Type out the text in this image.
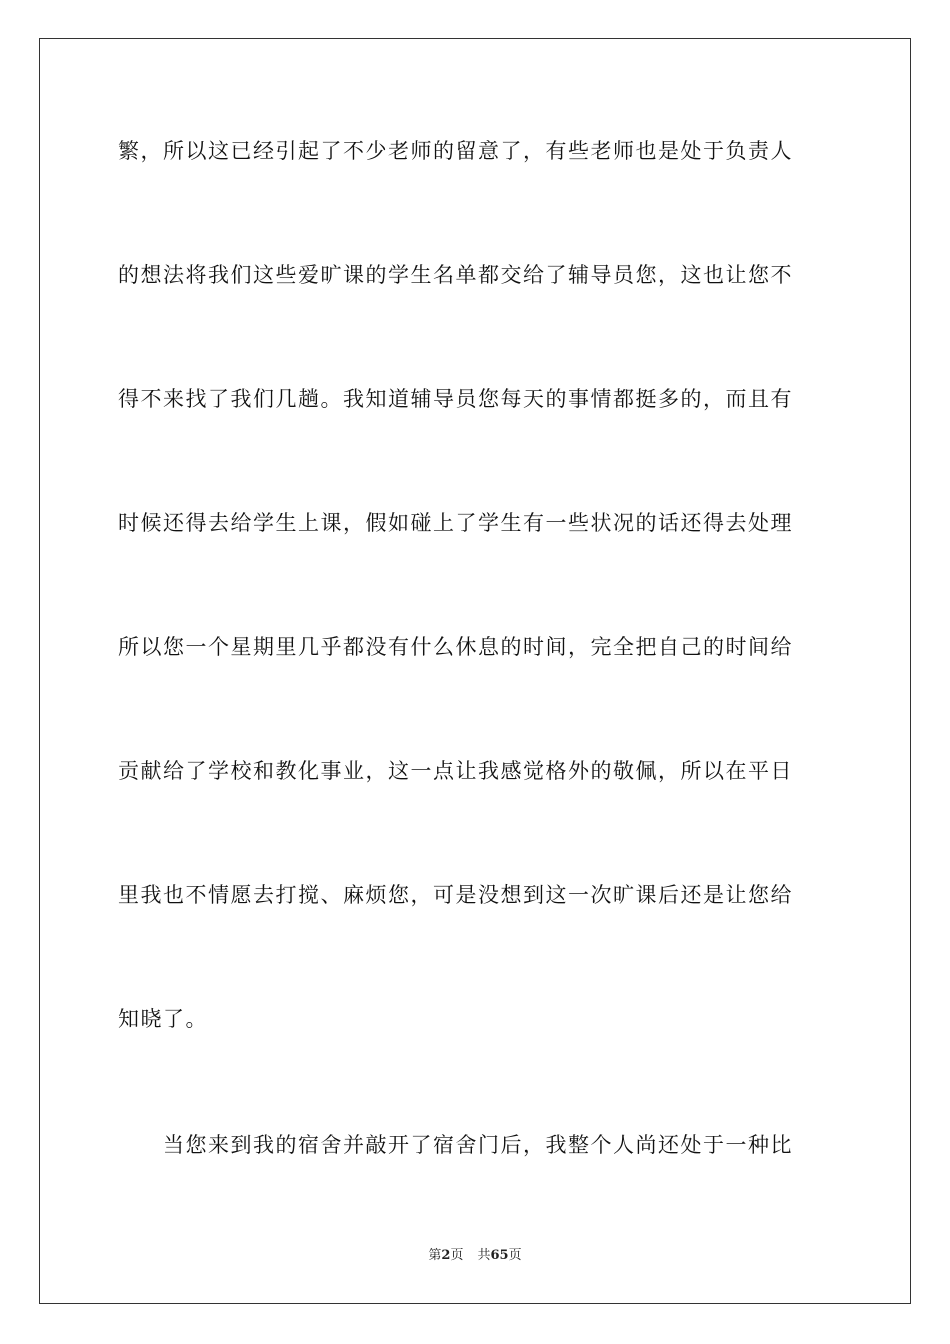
繁，所以这已经引起了不少老师的留意了，有些老师也是处于负责人
的想法将我们这些爱旷课的学生名单都交给了辅导员您，这也让您不
得不来找了我们几趟。我知道辅导员您每天的事情都挺多的，而且有
时候还得去给学生上课，假如碰上了学生有一些状况的话还得去处理
所以您一个星期里几乎都没有什么休息的时间，完全把自己的时间给
贡献给了学校和教化事业，这一点让我感觉格外的敬佩，所以在平日
里我也不情愿去打搅、麻烦您，可是没想到这一次旷课后还是让您给
知晓了。
　　当您来到我的宿舍并敲开了宿舍门后，我整个人尚还处于一种比
第2页 共65页
